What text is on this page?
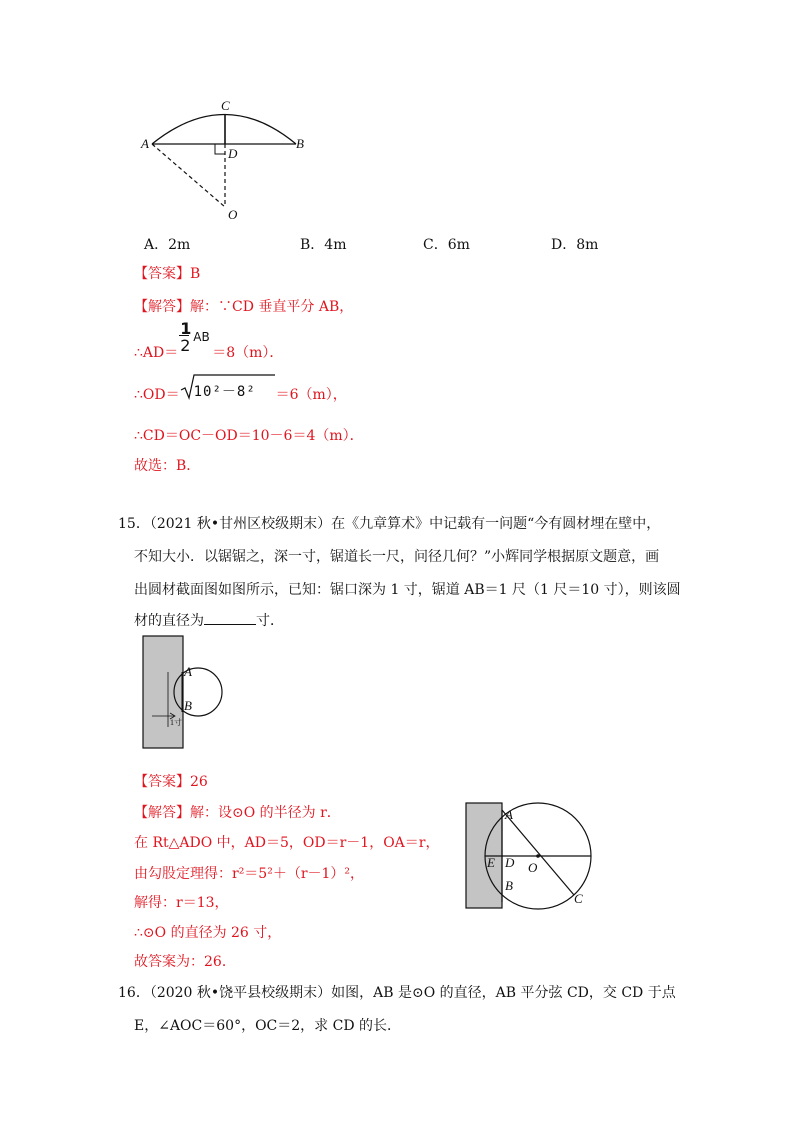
C
A
D
B
O
A．2m	B．4m	C．6m	D．8m
【答案】B
【解答】解：∵CD 垂直平分 AB，
∴AD＝
1
2 AB
＝8（m）．
∴OD＝ 10²－8² ＝6（m），
∴CD＝OC－OD＝10－6＝4（m）．
故选：B．
15．（2021 秋•甘州区校级期末）在《九章算术》中记载有一问题“今有圆材埋在壁中，
不知大小．以锯锯之，深一寸，锯道长一尺，问径几何？”小辉同学根据原文题意，画
出圆材截面图如图所示，已知：锯口深为 1 寸，锯道 AB＝1 尺（1 尺＝10 寸），则该圆
材的直径为	寸．
A
B
1寸
【答案】26
【解答】解：设⊙O 的半径为 r．
在 Rt△ADO 中，AD＝5，OD＝r－1，OA＝r，
由勾股定理得：r²＝5²＋（r－1）²，
解得：r＝13，
∴⊙O 的直径为 26 寸，
故答案为：26．
A
E D O
B
C
16．（2020 秋•饶平县校级期末）如图，AB 是⊙O 的直径，AB 平分弦 CD，交 CD 于点
E，∠AOC＝60°，OC＝2，求 CD 的长．
